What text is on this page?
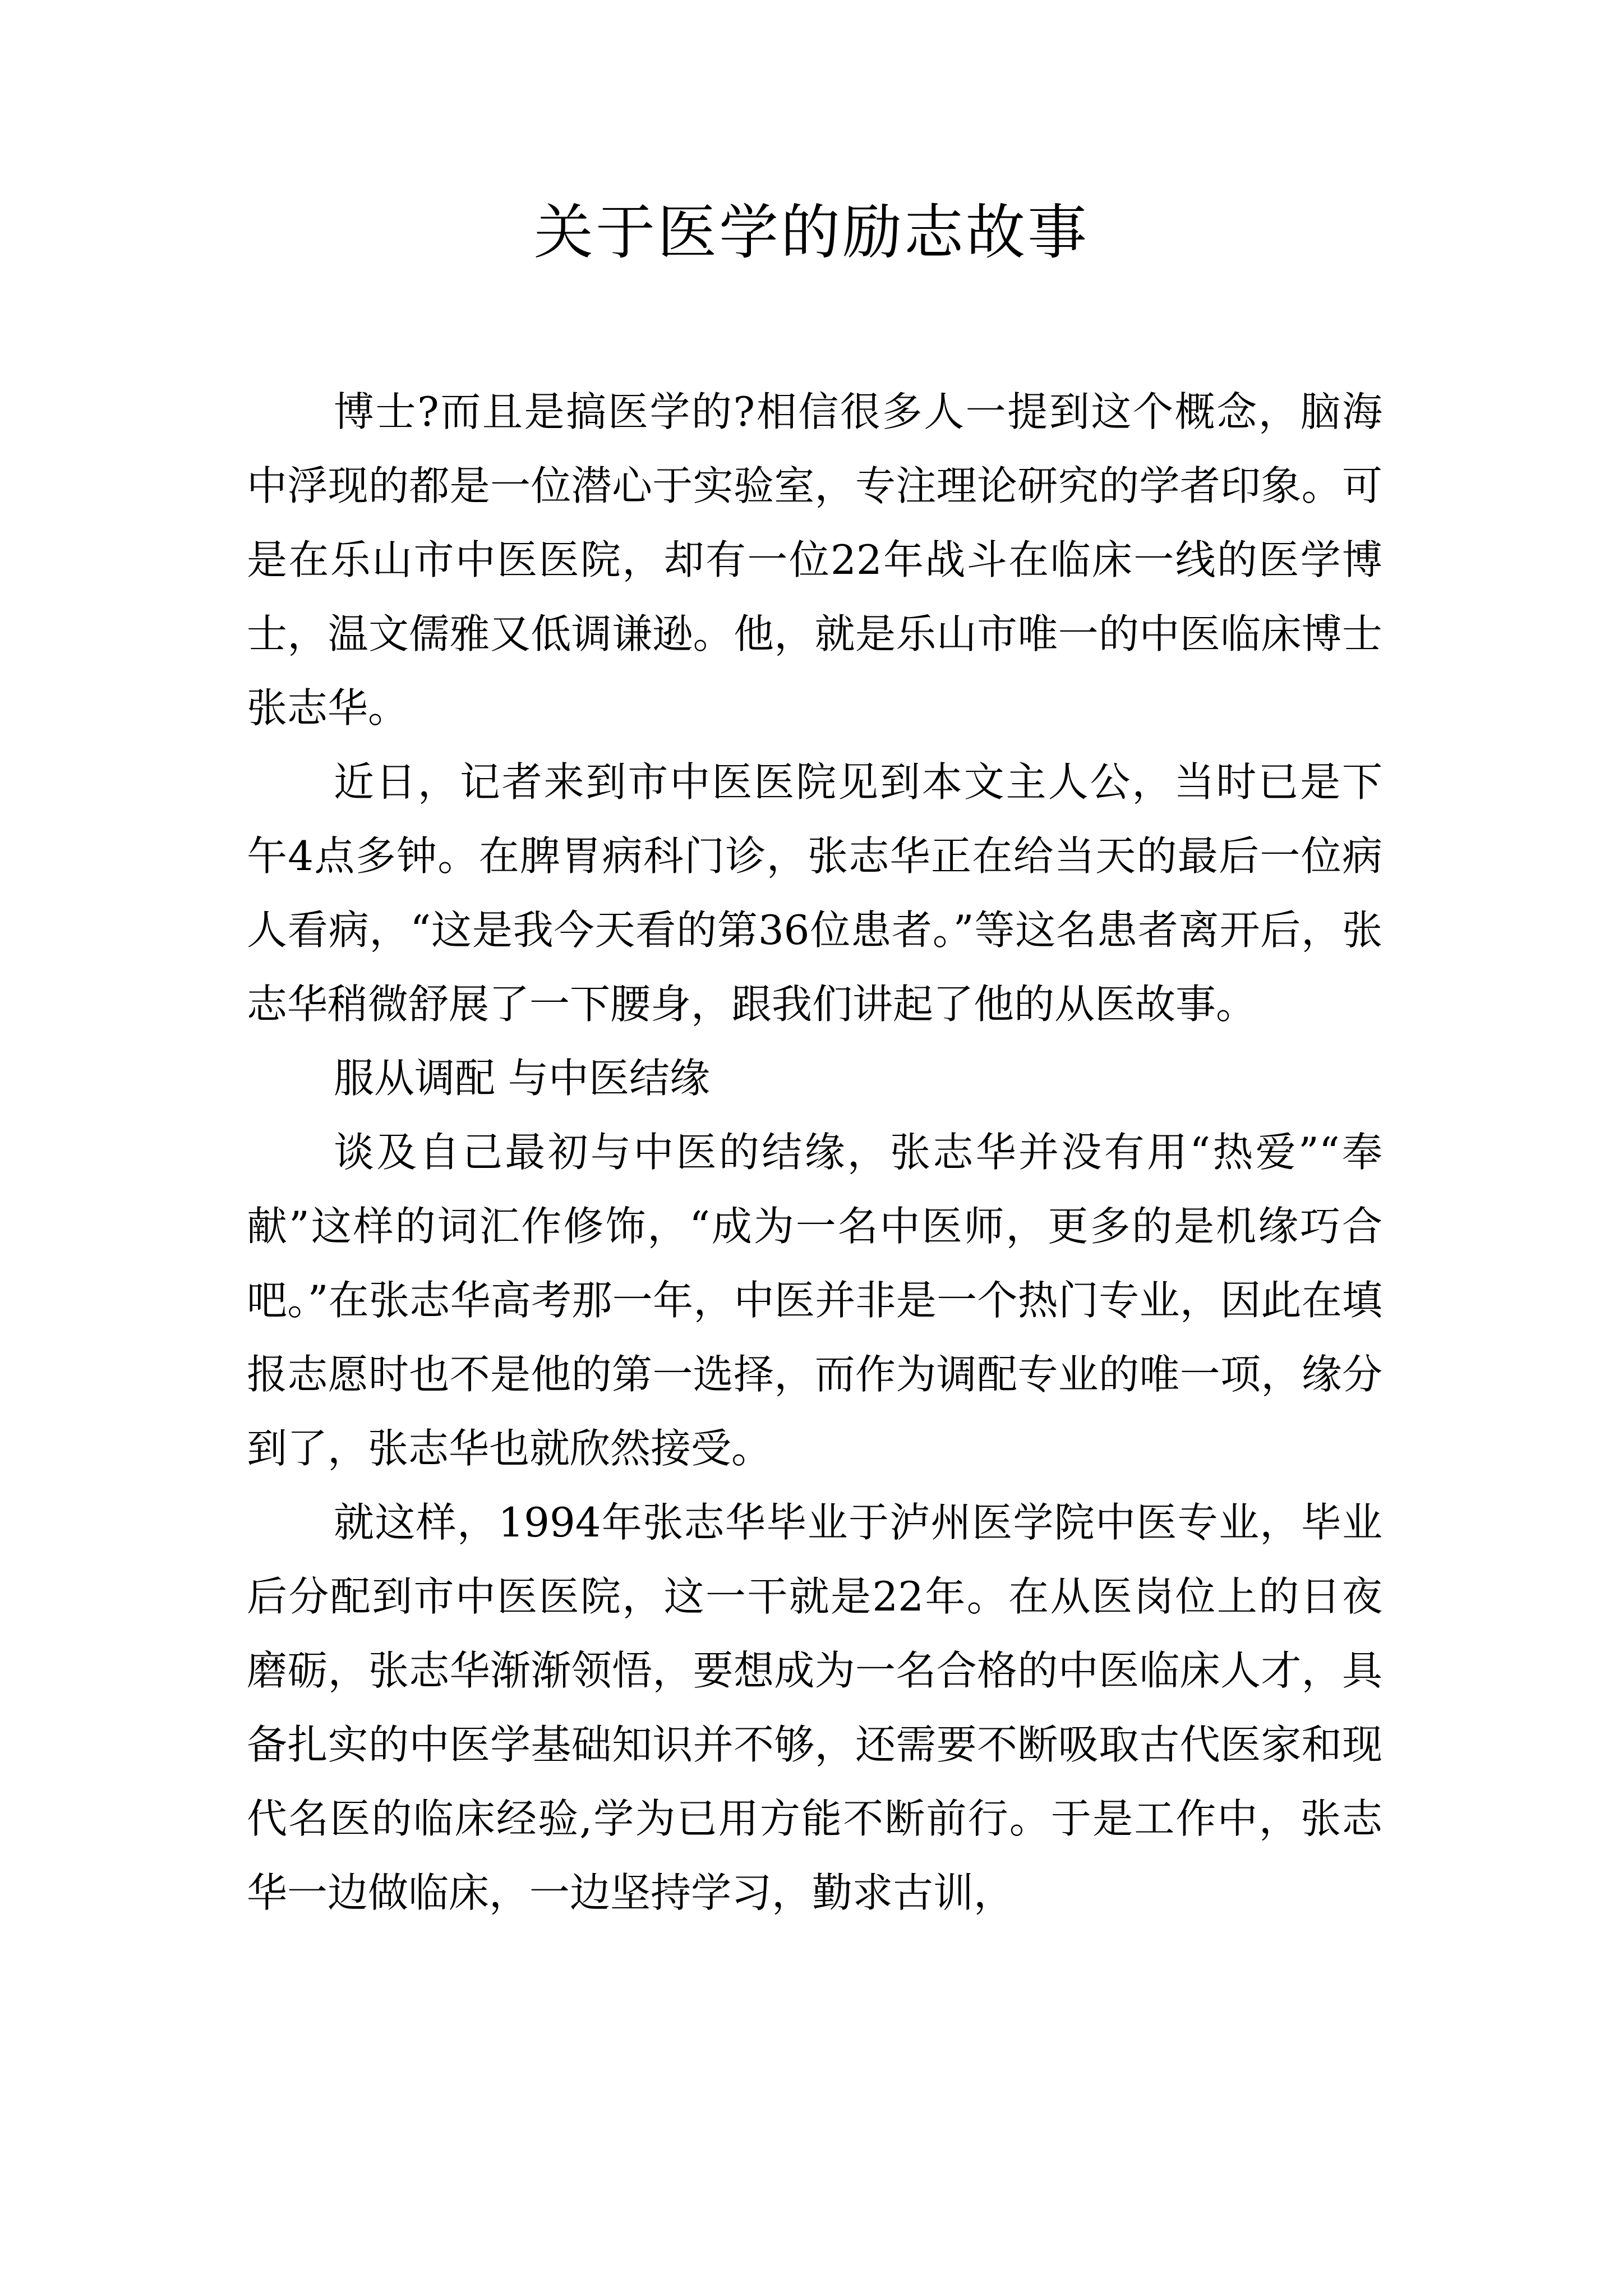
关于医学的励志故事

博士?而且是搞医学的?相信很多人一提到这个概念，脑海中浮现的都是一位潜心于实验室，专注理论研究的学者印象。可是在乐山市中医医院，却有一位22年战斗在临床一线的医学博士，温文儒雅又低调谦逊。他，就是乐山市唯一的中医临床博士张志华。

近日，记者来到市中医医院见到本文主人公，当时已是下午4点多钟。在脾胃病科门诊，张志华正在给当天的最后一位病人看病，“这是我今天看的第36位患者。”等这名患者离开后，张志华稍微舒展了一下腰身，跟我们讲起了他的从医故事。

服从调配 与中医结缘

谈及自己最初与中医的结缘，张志华并没有用“热爱”“奉献”这样的词汇作修饰，“成为一名中医师，更多的是机缘巧合吧。”在张志华高考那一年，中医并非是一个热门专业，因此在填报志愿时也不是他的第一选择，而作为调配专业的唯一项，缘分到了，张志华也就欣然接受。

就这样，1994年张志华毕业于泸州医学院中医专业，毕业后分配到市中医医院，这一干就是22年。在从医岗位上的日夜磨砺，张志华渐渐领悟，要想成为一名合格的中医临床人才，具备扎实的中医学基础知识并不够，还需要不断吸取古代医家和现代名医的临床经验,学为已用方能不断前行。于是工作中，张志华一边做临床，一边坚持学习，勤求古训，
